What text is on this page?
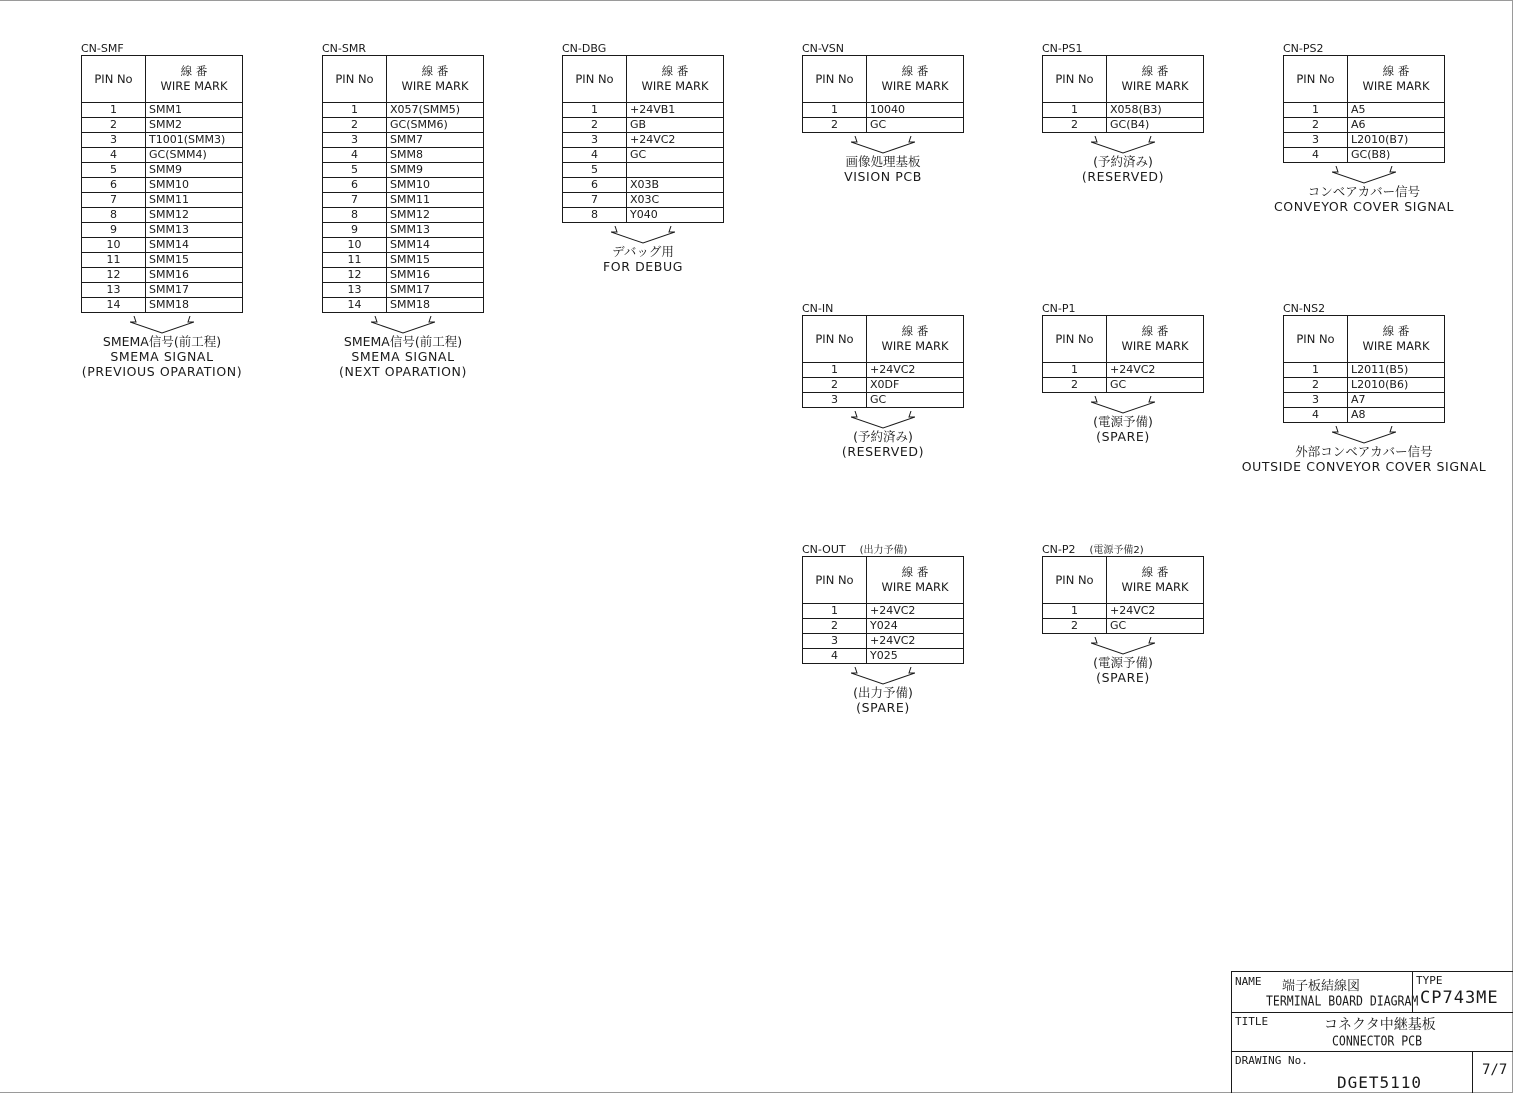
CN-SMF
PIN No	線 番
WIRE MARK

1	SMM1
2	SMM2
3	T1001(SMM3)
4	GC(SMM4)
5	SMM9
6	SMM10
7	SMM11
8	SMM12
9	SMM13
10	SMM14
11	SMM15
12	SMM16
13	SMM17
14	SMM18
SMEMA信号(前工程)
SMEMA SIGNAL
(PREVIOUS OPARATION)
CN-SMR
PIN No	線 番
WIRE MARK

1	X057(SMM5)
2	GC(SMM6)
3	SMM7
4	SMM8
5	SMM9
6	SMM10
7	SMM11
8	SMM12
9	SMM13
10	SMM14
11	SMM15
12	SMM16
13	SMM17
14	SMM18
SMEMA信号(前工程)
SMEMA SIGNAL
(NEXT OPARATION)
CN-DBG
PIN No	線 番
WIRE MARK

1	+24VB1
2	GB
3	+24VC2
4	GC
5	
6	X03B
7	X03C
8	Y040
デバッグ用
FOR DEBUG
CN-VSN
PIN No	線 番
WIRE MARK

1	10040
2	GC
画像処理基板
VISION PCB
CN-PS1
PIN No	線 番
WIRE MARK

1	X058(B3)
2	GC(B4)
(予約済み)
(RESERVED)
CN-PS2
PIN No	線 番
WIRE MARK

1	A5
2	A6
3	L2010(B7)
4	GC(B8)
コンベアカバー信号
CONVEYOR COVER SIGNAL
CN-IN
PIN No	線 番
WIRE MARK

1	+24VC2
2	X0DF
3	GC
(予約済み)
(RESERVED)
CN-P1
PIN No	線 番
WIRE MARK

1	+24VC2
2	GC
(電源予備)
(SPARE)
CN-NS2
PIN No	線 番
WIRE MARK

1	L2011(B5)
2	L2010(B6)
3	A7
4	A8
外部コンベアカバー信号
OUTSIDE CONVEYOR COVER SIGNAL
CN-OUT (出力予備)
PIN No	線 番
WIRE MARK

1	+24VC2
2	Y024
3	+24VC2
4	Y025
(出力予備)
(SPARE)
CN-P2 (電源予備2)
PIN No	線 番
WIRE MARK

1	+24VC2
2	GC
(電源予備)
(SPARE)
NAME 端子板結線図
TERMINAL BOARD DIAGRAM
TYPE
CP743ME
TITLE	コネクタ中継基板
CONNECTOR PCB
DRAWING No.
DGET5110
7/7
